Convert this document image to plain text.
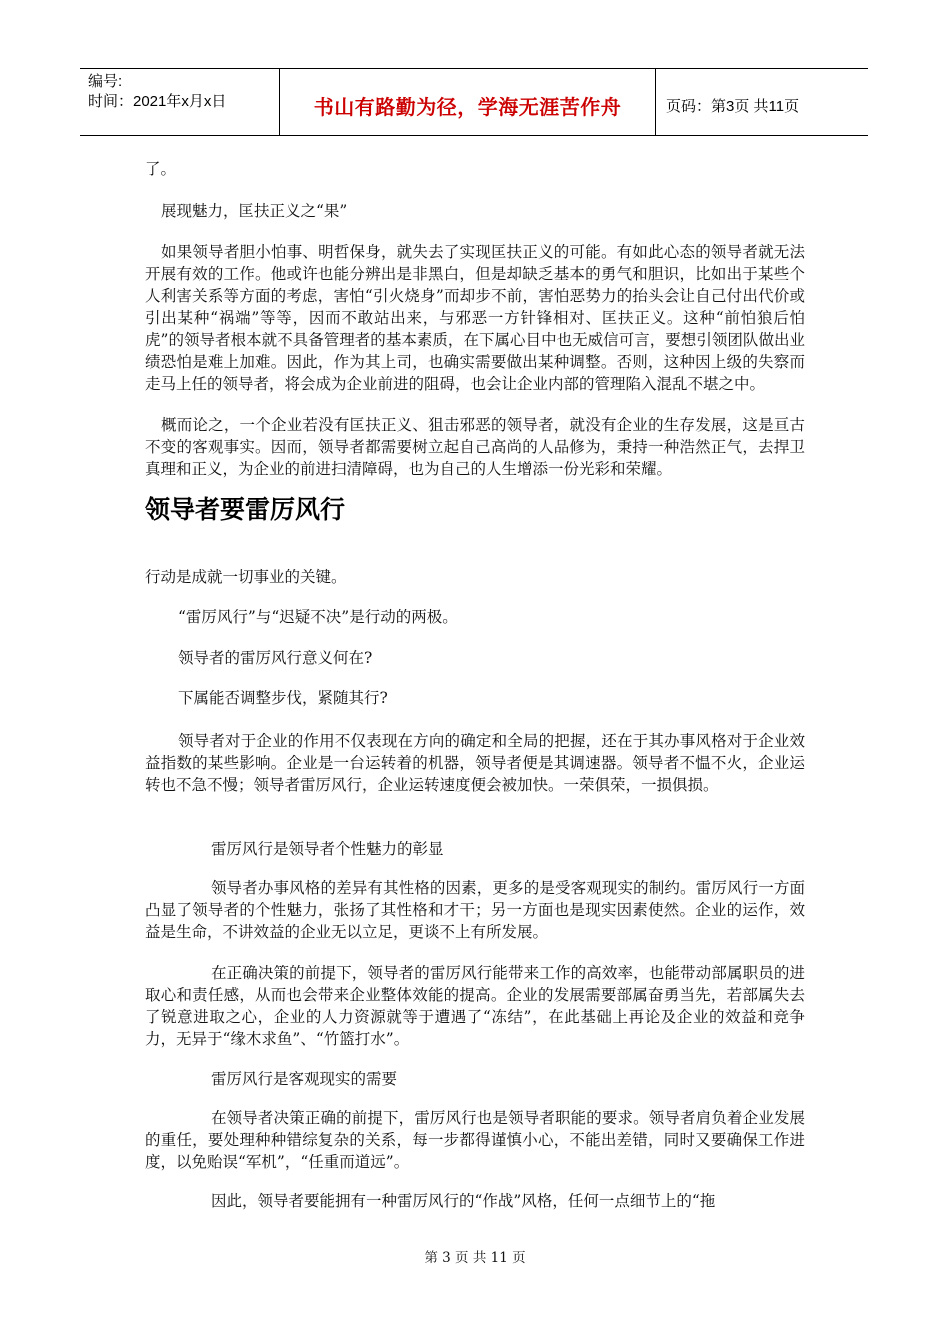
编号:
时间：2021年x月x日	书山有路勤为径，学海无涯苦作舟	页码：第3页 共11页

了。

展现魅力，匡扶正义之“果”

如果领导者胆小怕事、明哲保身，就失去了实现匡扶正义的可能。有如此心态的领导者就无法开展有效的工作。他或许也能分辨出是非黑白，但是却缺乏基本的勇气和胆识，比如出于某些个人利害关系等方面的考虑，害怕“引火烧身”而却步不前，害怕恶势力的抬头会让自己付出代价或引出某种“祸端”等等，因而不敢站出来，与邪恶一方针锋相对、匡扶正义。这种“前怕狼后怕虎”的领导者根本就不具备管理者的基本素质，在下属心目中也无威信可言，要想引领团队做出业绩恐怕是难上加难。因此，作为其上司，也确实需要做出某种调整。否则，这种因上级的失察而走马上任的领导者，将会成为企业前进的阻碍，也会让企业内部的管理陷入混乱不堪之中。

概而论之，一个企业若没有匡扶正义、狙击邪恶的领导者，就没有企业的生存发展，这是亘古不变的客观事实。因而，领导者都需要树立起自己高尚的人品修为，秉持一种浩然正气，去捍卫真理和正义，为企业的前进扫清障碍，也为自己的人生增添一份光彩和荣耀。

领导者要雷厉风行

行动是成就一切事业的关键。

“雷厉风行”与“迟疑不决”是行动的两极。

领导者的雷厉风行意义何在?

下属能否调整步伐，紧随其行?

领导者对于企业的作用不仅表现在方向的确定和全局的把握，还在于其办事风格对于企业效益指数的某些影响。企业是一台运转着的机器，领导者便是其调速器。领导者不愠不火，企业运转也不急不慢；领导者雷厉风行，企业运转速度便会被加快。一荣俱荣，一损俱损。

雷厉风行是领导者个性魅力的彰显

领导者办事风格的差异有其性格的因素，更多的是受客观现实的制约。雷厉风行一方面凸显了领导者的个性魅力，张扬了其性格和才干；另一方面也是现实因素使然。企业的运作，效益是生命，不讲效益的企业无以立足，更谈不上有所发展。

在正确决策的前提下，领导者的雷厉风行能带来工作的高效率，也能带动部属职员的进取心和责任感，从而也会带来企业整体效能的提高。企业的发展需要部属奋勇当先，若部属失去了锐意进取之心，企业的人力资源就等于遭遇了“冻结”，在此基础上再论及企业的效益和竞争力，无异于“缘木求鱼”、“竹篮打水”。

雷厉风行是客观现实的需要

在领导者决策正确的前提下，雷厉风行也是领导者职能的要求。领导者肩负着企业发展的重任，要处理种种错综复杂的关系，每一步都得谨慎小心，不能出差错，同时又要确保工作进度，以免贻误“军机”，“任重而道远”。

因此，领导者要能拥有一种雷厉风行的“作战”风格，任何一点细节上的“拖

第 3 页 共 11 页
